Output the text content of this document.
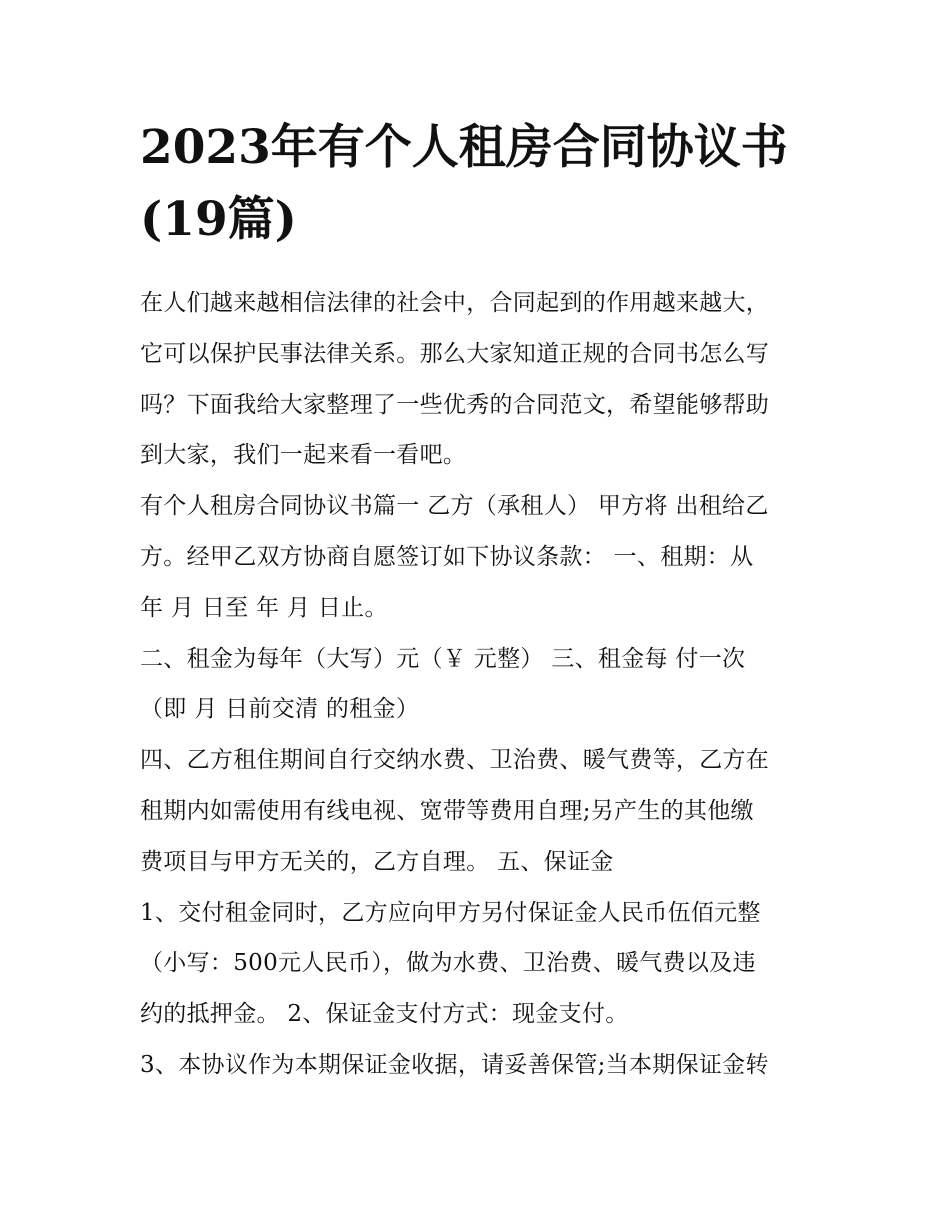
2023年有个人租房合同协议书
(19篇)
在人们越来越相信法律的社会中，合同起到的作用越来越大，
它可以保护民事法律关系。那么大家知道正规的合同书怎么写
吗？下面我给大家整理了一些优秀的合同范文，希望能够帮助
到大家，我们一起来看一看吧。
有个人租房合同协议书篇一 乙方（承租人） 甲方将 出租给乙
方。经甲乙双方协商自愿签订如下协议条款： 一、租期：从
年 月 日至 年 月 日止。
二、租金为每年（大写）元（￥ 元整） 三、租金每 付一次
（即 月 日前交清 的租金）
四、乙方租住期间自行交纳水费、卫治费、暖气费等，乙方在
租期内如需使用有线电视、宽带等费用自理;另产生的其他缴
费项目与甲方无关的，乙方自理。 五、保证金
1、交付租金同时，乙方应向甲方另付保证金人民币伍佰元整
（小写：500元人民币），做为水费、卫治费、暖气费以及违
约的抵押金。 2、保证金支付方式：现金支付。
3、本协议作为本期保证金收据，请妥善保管;当本期保证金转
